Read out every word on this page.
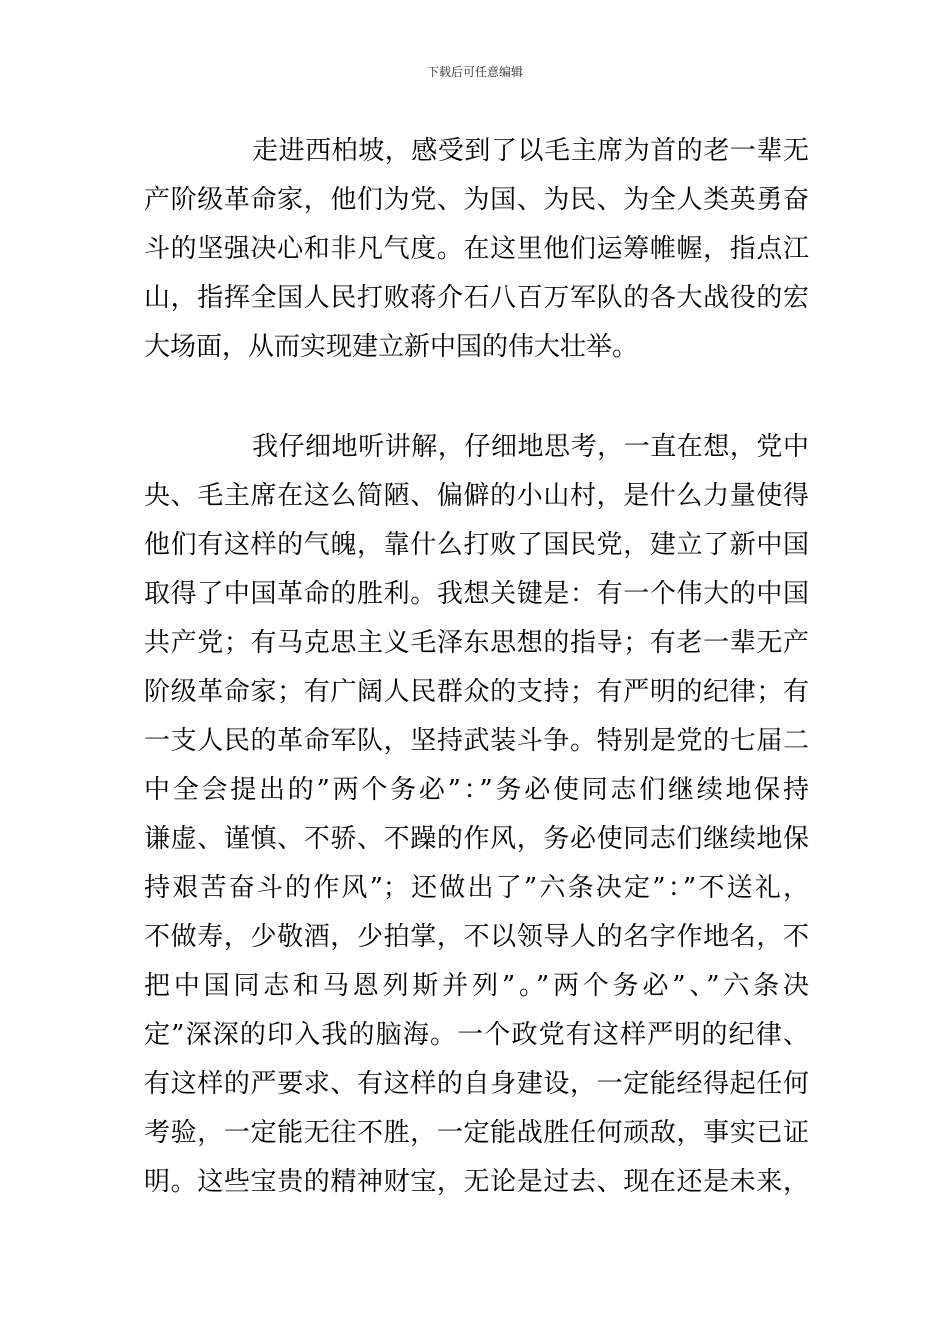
下载后可任意编辑
走进西柏坡，感受到了以毛主席为首的老一辈无
产阶级革命家，他们为党、为国、为民、为全人类英勇奋
斗的坚强决心和非凡气度。在这里他们运筹帷幄，指点江
山，指挥全国人民打败蒋介石八百万军队的各大战役的宏
大场面，从而实现建立新中国的伟大壮举。
我仔细地听讲解，仔细地思考，一直在想，党中
央、毛主席在这么简陋、偏僻的小山村，是什么力量使得
他们有这样的气魄，靠什么打败了国民党，建立了新中国
取得了中国革命的胜利。我想关键是：有一个伟大的中国
共产党；有马克思主义毛泽东思想的指导；有老一辈无产
阶级革命家；有广阔人民群众的支持；有严明的纪律；有
一支人民的革命军队，坚持武装斗争。特别是党的七届二
中全会提出的”两个务必”：”务必使同志们继续地保持
谦虚、谨慎、不骄、不躁的作风，务必使同志们继续地保
持艰苦奋斗的作风”；还做出了”六条决定”：”不送礼，
不做寿，少敬酒，少拍掌，不以领导人的名字作地名，不
把中国同志和马恩列斯并列”。”两个务必”、”六条决
定”深深的印入我的脑海。一个政党有这样严明的纪律、
有这样的严要求、有这样的自身建设，一定能经得起任何
考验，一定能无往不胜，一定能战胜任何顽敌，事实已证
明。这些宝贵的精神财宝，无论是过去、现在还是未来，
